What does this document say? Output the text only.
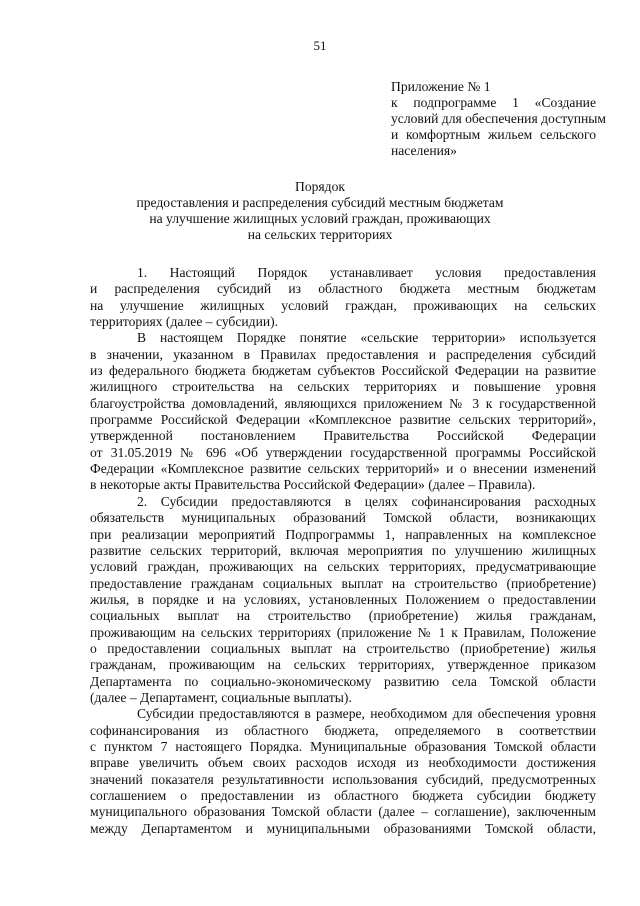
51
Приложение № 1
к подпрограмме 1 «Создание
условий для обеспечения доступным
и комфортным жильем сельского
населения»
Порядок
предоставления и распределения субсидий местным бюджетам
на улучшение жилищных условий граждан, проживающих
на сельских территориях
1. Настоящий Порядок устанавливает условия предоставления
и распределения субсидий из областного бюджета местным бюджетам
на улучшение жилищных условий граждан, проживающих на сельских
территориях (далее – субсидии).
В настоящем Порядке понятие «сельские территории» используется
в значении, указанном в Правилах предоставления и распределения субсидий
из федерального бюджета бюджетам субъектов Российской Федерации на развитие
жилищного строительства на сельских территориях и повышение уровня
благоустройства домовладений, являющихся приложением № 3 к государственной
программе Российской Федерации «Комплексное развитие сельских территорий»,
утвержденной постановлением Правительства Российской Федерации
от 31.05.2019 № 696 «Об утверждении государственной программы Российской
Федерации «Комплексное развитие сельских территорий» и о внесении изменений
в некоторые акты Правительства Российской Федерации» (далее – Правила).
2. Субсидии предоставляются в целях софинансирования расходных
обязательств муниципальных образований Томской области, возникающих
при реализации мероприятий Подпрограммы 1, направленных на комплексное
развитие сельских территорий, включая мероприятия по улучшению жилищных
условий граждан, проживающих на сельских территориях, предусматривающие
предоставление гражданам социальных выплат на строительство (приобретение)
жилья, в порядке и на условиях, установленных Положением о предоставлении
социальных выплат на строительство (приобретение) жилья гражданам,
проживающим на сельских территориях (приложение № 1 к Правилам, Положение
о предоставлении социальных выплат на строительство (приобретение) жилья
гражданам, проживающим на сельских территориях, утвержденное приказом
Департамента по социально-экономическому развитию села Томской области
(далее – Департамент, социальные выплаты).
Субсидии предоставляются в размере, необходимом для обеспечения уровня
софинансирования из областного бюджета, определяемого в соответствии
с пунктом 7 настоящего Порядка. Муниципальные образования Томской области
вправе увеличить объем своих расходов исходя из необходимости достижения
значений показателя результативности использования субсидий, предусмотренных
соглашением о предоставлении из областного бюджета субсидии бюджету
муниципального образования Томской области (далее – соглашение), заключенным
между Департаментом и муниципальными образованиями Томской области,
